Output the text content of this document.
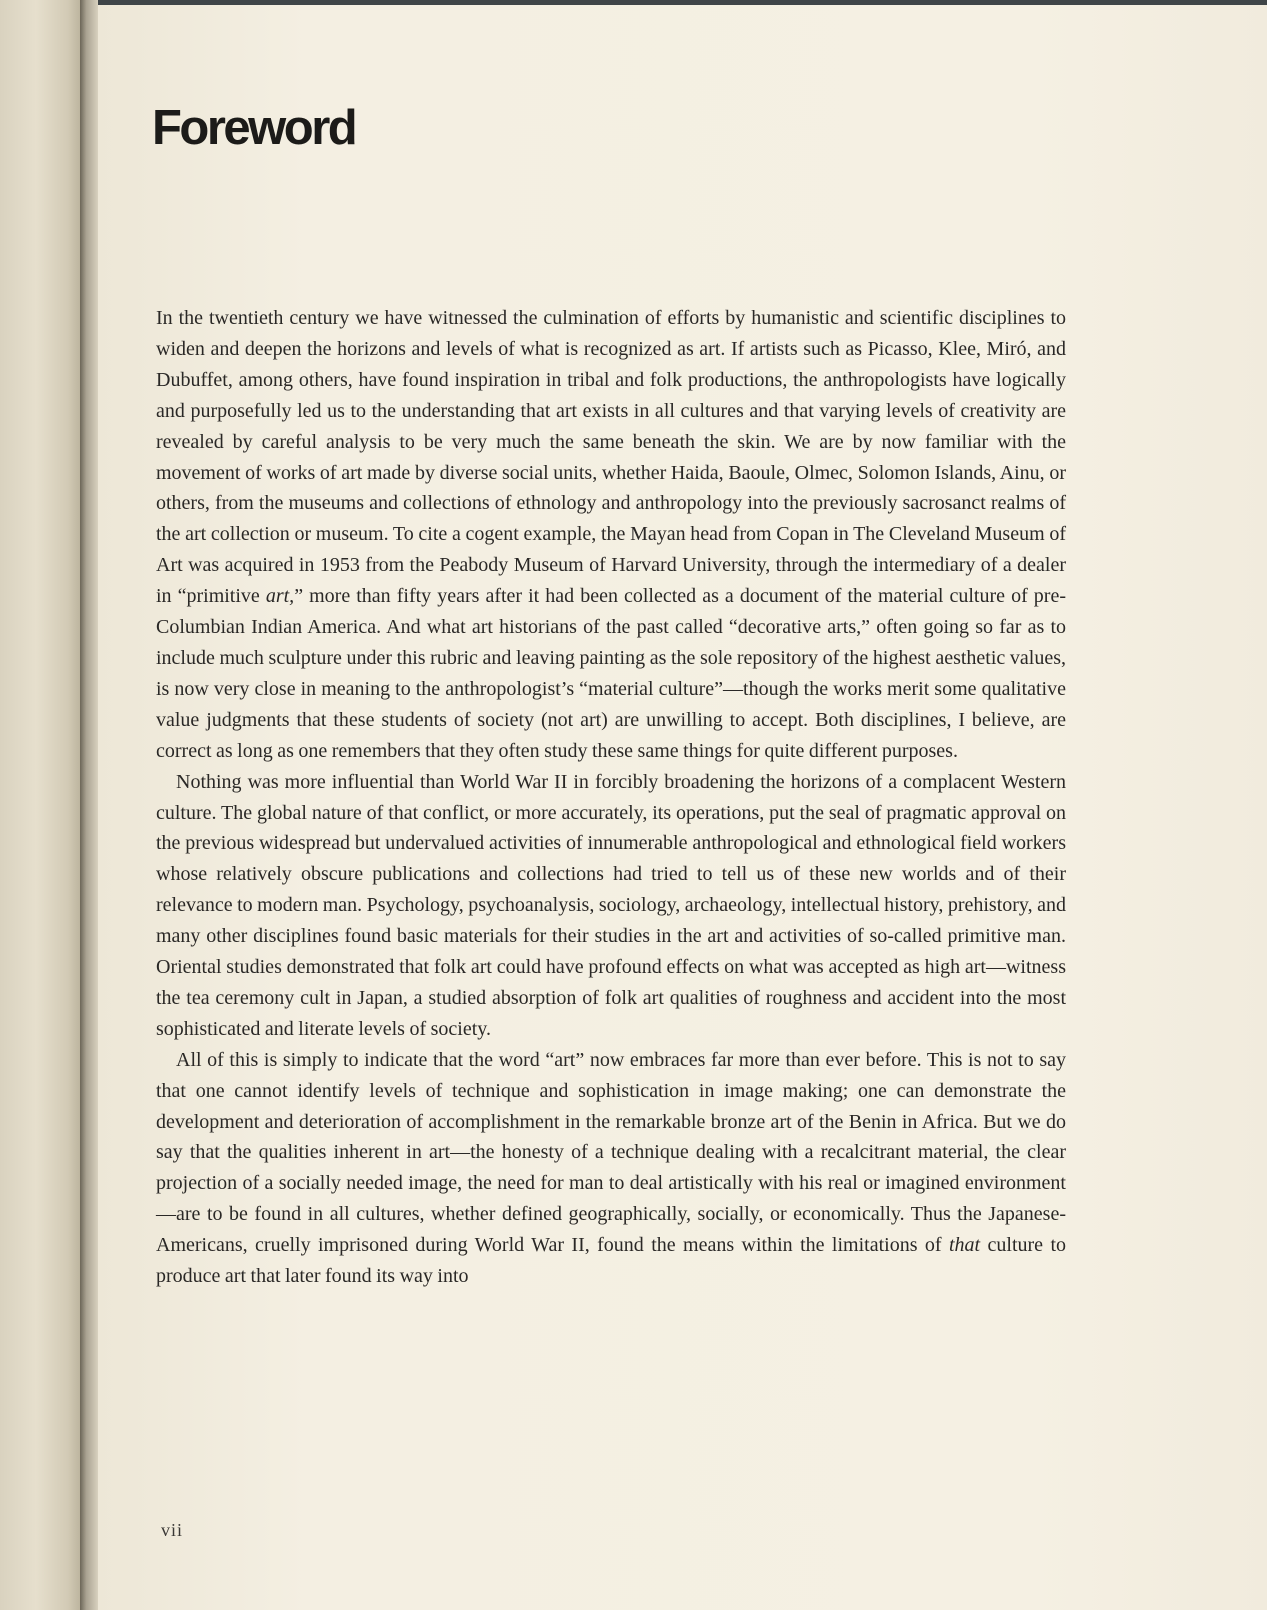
Foreword

In the twentieth century we have witnessed the culmination of efforts by humanistic and scientific disciplines to widen and deepen the horizons and levels of what is recognized as art. If artists such as Picasso, Klee, Miró, and Dubuffet, among others, have found inspiration in tribal and folk productions, the anthropologists have logically and purposefully led us to the understanding that art exists in all cultures and that varying levels of creativity are revealed by careful analysis to be very much the same beneath the skin. We are by now familiar with the movement of works of art made by diverse social units, whether Haida, Baoule, Olmec, Solomon Islands, Ainu, or others, from the museums and collections of ethnology and anthropology into the previously sacrosanct realms of the art collection or museum. To cite a cogent example, the Mayan head from Copan in The Cleveland Museum of Art was acquired in 1953 from the Peabody Museum of Harvard University, through the intermediary of a dealer in “primitive art,” more than fifty years after it had been collected as a document of the material culture of pre-Columbian Indian America. And what art historians of the past called “decorative arts,” often going so far as to include much sculpture under this rubric and leaving painting as the sole repository of the highest aesthetic values, is now very close in meaning to the anthropologist’s “material culture”—though the works merit some qualitative value judgments that these students of society (not art) are unwilling to accept. Both disciplines, I believe, are correct as long as one remembers that they often study these same things for quite different purposes.

Nothing was more influential than World War II in forcibly broadening the horizons of a complacent Western culture. The global nature of that conflict, or more accurately, its operations, put the seal of pragmatic approval on the previous widespread but undervalued activities of innumerable anthropological and ethnological field workers whose relatively obscure publications and collections had tried to tell us of these new worlds and of their relevance to modern man. Psychology, psychoanalysis, sociology, archaeology, intellectual history, prehistory, and many other disciplines found basic materials for their studies in the art and activities of so-called primitive man. Oriental studies demonstrated that folk art could have profound effects on what was accepted as high art—witness the tea ceremony cult in Japan, a studied absorption of folk art qualities of roughness and accident into the most sophisticated and literate levels of society.

All of this is simply to indicate that the word “art” now embraces far more than ever before. This is not to say that one cannot identify levels of technique and sophistication in image making; one can demonstrate the development and deterioration of accomplishment in the remarkable bronze art of the Benin in Africa. But we do say that the qualities inherent in art—the honesty of a technique dealing with a recalcitrant material, the clear projection of a socially needed image, the need for man to deal artistically with his real or imagined environment—are to be found in all cultures, whether defined geographically, socially, or economically. Thus the Japanese-Americans, cruelly imprisoned during World War II, found the means within the limitations of that culture to produce art that later found its way into

vii
